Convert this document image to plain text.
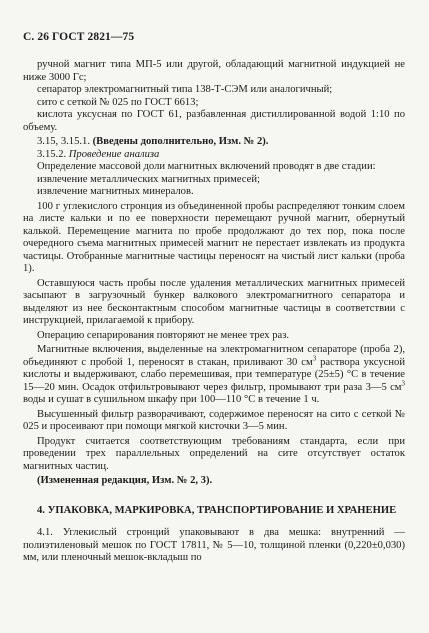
С. 26 ГОСТ 2821—75

ручной магнит типа МП-5 или другой, обладающий магнитной индукцией не ниже 3000 Гс;

сепаратор электромагнитный типа 138-Т-СЭМ или аналогичный;

сито с сеткой № 025 по ГОСТ 6613;

кислота уксусная по ГОСТ 61, разбавленная дистиллированной водой 1:10 по объему.

3.15, 3.15.1. (Введены дополнительно, Изм. № 2).

3.15.2. Проведение анализа

Определение массовой доли магнитных включений проводят в две стадии:

извлечение металлических магнитных примесей;

извлечение магнитных минералов.

100 г углекислого стронция из объединенной пробы распределяют тонким слоем на листе кальки и по ее поверхности перемещают ручной магнит, обернутый калькой. Перемещение магнита по пробе продолжают до тех пор, пока после очередного съема магнитных примесей магнит не перестает извлекать из продукта частицы. Отобранные магнитные частицы переносят на чистый лист кальки (проба 1).

Оставшуюся часть пробы после удаления металлических магнитных примесей засыпают в загрузочный бункер валкового электромагнитного сепаратора и выделяют из нее бесконтактным способом магнитные частицы в соответствии с инструкцией, прилагаемой к прибору.

Операцию сепарирования повторяют не менее трех раз.

Магнитные включения, выделенные на электромагнитном сепараторе (проба 2), объединяют с пробой 1, переносят в стакан, приливают 30 $см^3$ раствора уксусной кислоты и выдерживают, слабо перемешивая, при температуре (25±5) °С в течение 15—20 мин. Осадок отфильтровывают через фильтр, промывают три раза 3—5 $см^3$ воды и сушат в сушильном шкафу при 100—110 °С в течение 1 ч.

Высушенный фильтр разворачивают, содержимое переносят на сито с сеткой № 025 и просеивают при помощи мягкой кисточки 3—5 мин.

Продукт считается соответствующим требованиям стандарта, если при проведении трех параллельных определений на сите отсутствует остаток магнитных частиц.

(Измененная редакция, Изм. № 2, 3).

4. УПАКОВКА, МАРКИРОВКА, ТРАНСПОРТИРОВАНИЕ И ХРАНЕНИЕ

4.1. Углекислый стронций упаковывают в два мешка: внутренний — полиэтиленовый мешок по ГОСТ 17811, № 5—10, толщиной пленки (0,220±0,030) мм, или пленочный мешок-вкладыш по
